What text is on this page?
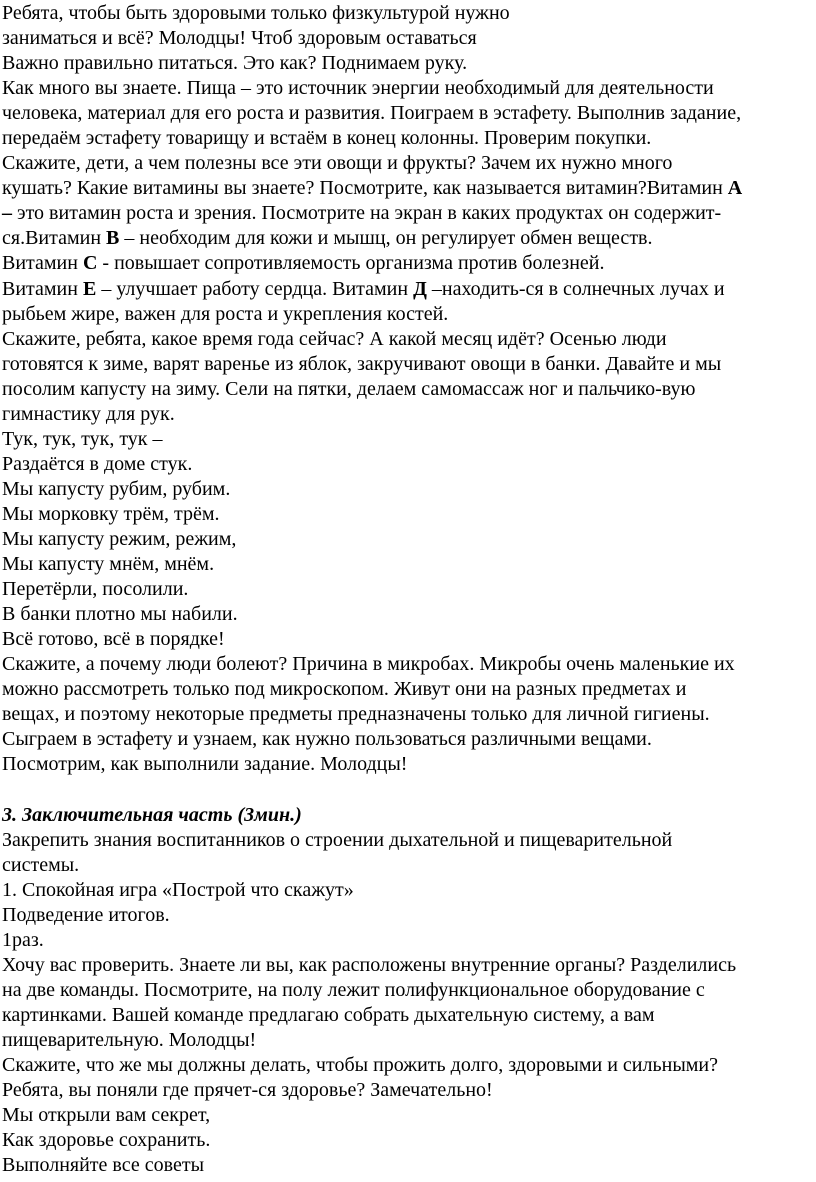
Ребята, чтобы быть здоровыми только физкультурой нужно
заниматься и всё? Молодцы! Чтоб здоровым оставаться
Важно правильно питаться. Это как? Поднимаем руку.
Как много вы знаете. Пища – это источник энергии необходимый для деятельности
человека, материал для его роста и развития. Поиграем в эстафету. Выполнив задание,
передаём эстафету товарищу и встаём в конец колонны. Проверим покупки.
Скажите, дети, а чем полезны все эти овощи и фрукты? Зачем их нужно много
кушать? Какие витамины вы знаете? Посмотрите, как называется витамин?Витамин А
– это витамин роста и зрения. Посмотрите на экран в каких продуктах он содержит-
ся.Витамин В – необходим для кожи и мышц, он регулирует обмен веществ.
Витамин С - повышает сопротивляемость организма против болезней.
Витамин Е – улучшает работу сердца. Витамин Д –находить-ся в солнечных лучах и
рыбьем жире, важен для роста и укрепления костей.
Скажите, ребята, какое время года сейчас? А какой месяц идёт? Осенью люди
готовятся к зиме, варят варенье из яблок, закручивают овощи в банки. Давайте и мы
посолим капусту на зиму. Сели на пятки, делаем самомассаж ног и пальчико-вую
гимнастику для рук.
Тук, тук, тук, тук –
Раздаётся в доме стук.
Мы капусту рубим, рубим.
Мы морковку трём, трём.
Мы капусту режим, режим,
Мы капусту мнём, мнём.
Перетёрли, посолили.
В банки плотно мы набили.
Всё готово, всё в порядке!
Скажите, а почему люди болеют? Причина в микробах. Микробы очень маленькие их
можно рассмотреть только под микроскопом. Живут они на разных предметах и
вещах, и поэтому некоторые предметы предназначены только для личной гигиены.
Сыграем в эстафету и узнаем, как нужно пользоваться различными вещами.
Посмотрим, как выполнили задание. Молодцы!
3. Заключительная часть (3мин.)
Закрепить знания воспитанников о строении дыхательной и пищеварительной
системы.
1. Спокойная игра «Построй что скажут»
Подведение итогов.
1раз.
Хочу вас проверить. Знаете ли вы, как расположены внутренние органы? Разделились
на две команды. Посмотрите, на полу лежит полифункциональное оборудование с
картинками. Вашей команде предлагаю собрать дыхательную систему, а вам
пищеварительную. Молодцы!
Скажите, что же мы должны делать, чтобы прожить долго, здоровыми и сильными?
Ребята, вы поняли где прячет-ся здоровье? Замечательно!
Мы открыли вам секрет,
Как здоровье сохранить.
Выполняйте все советы
